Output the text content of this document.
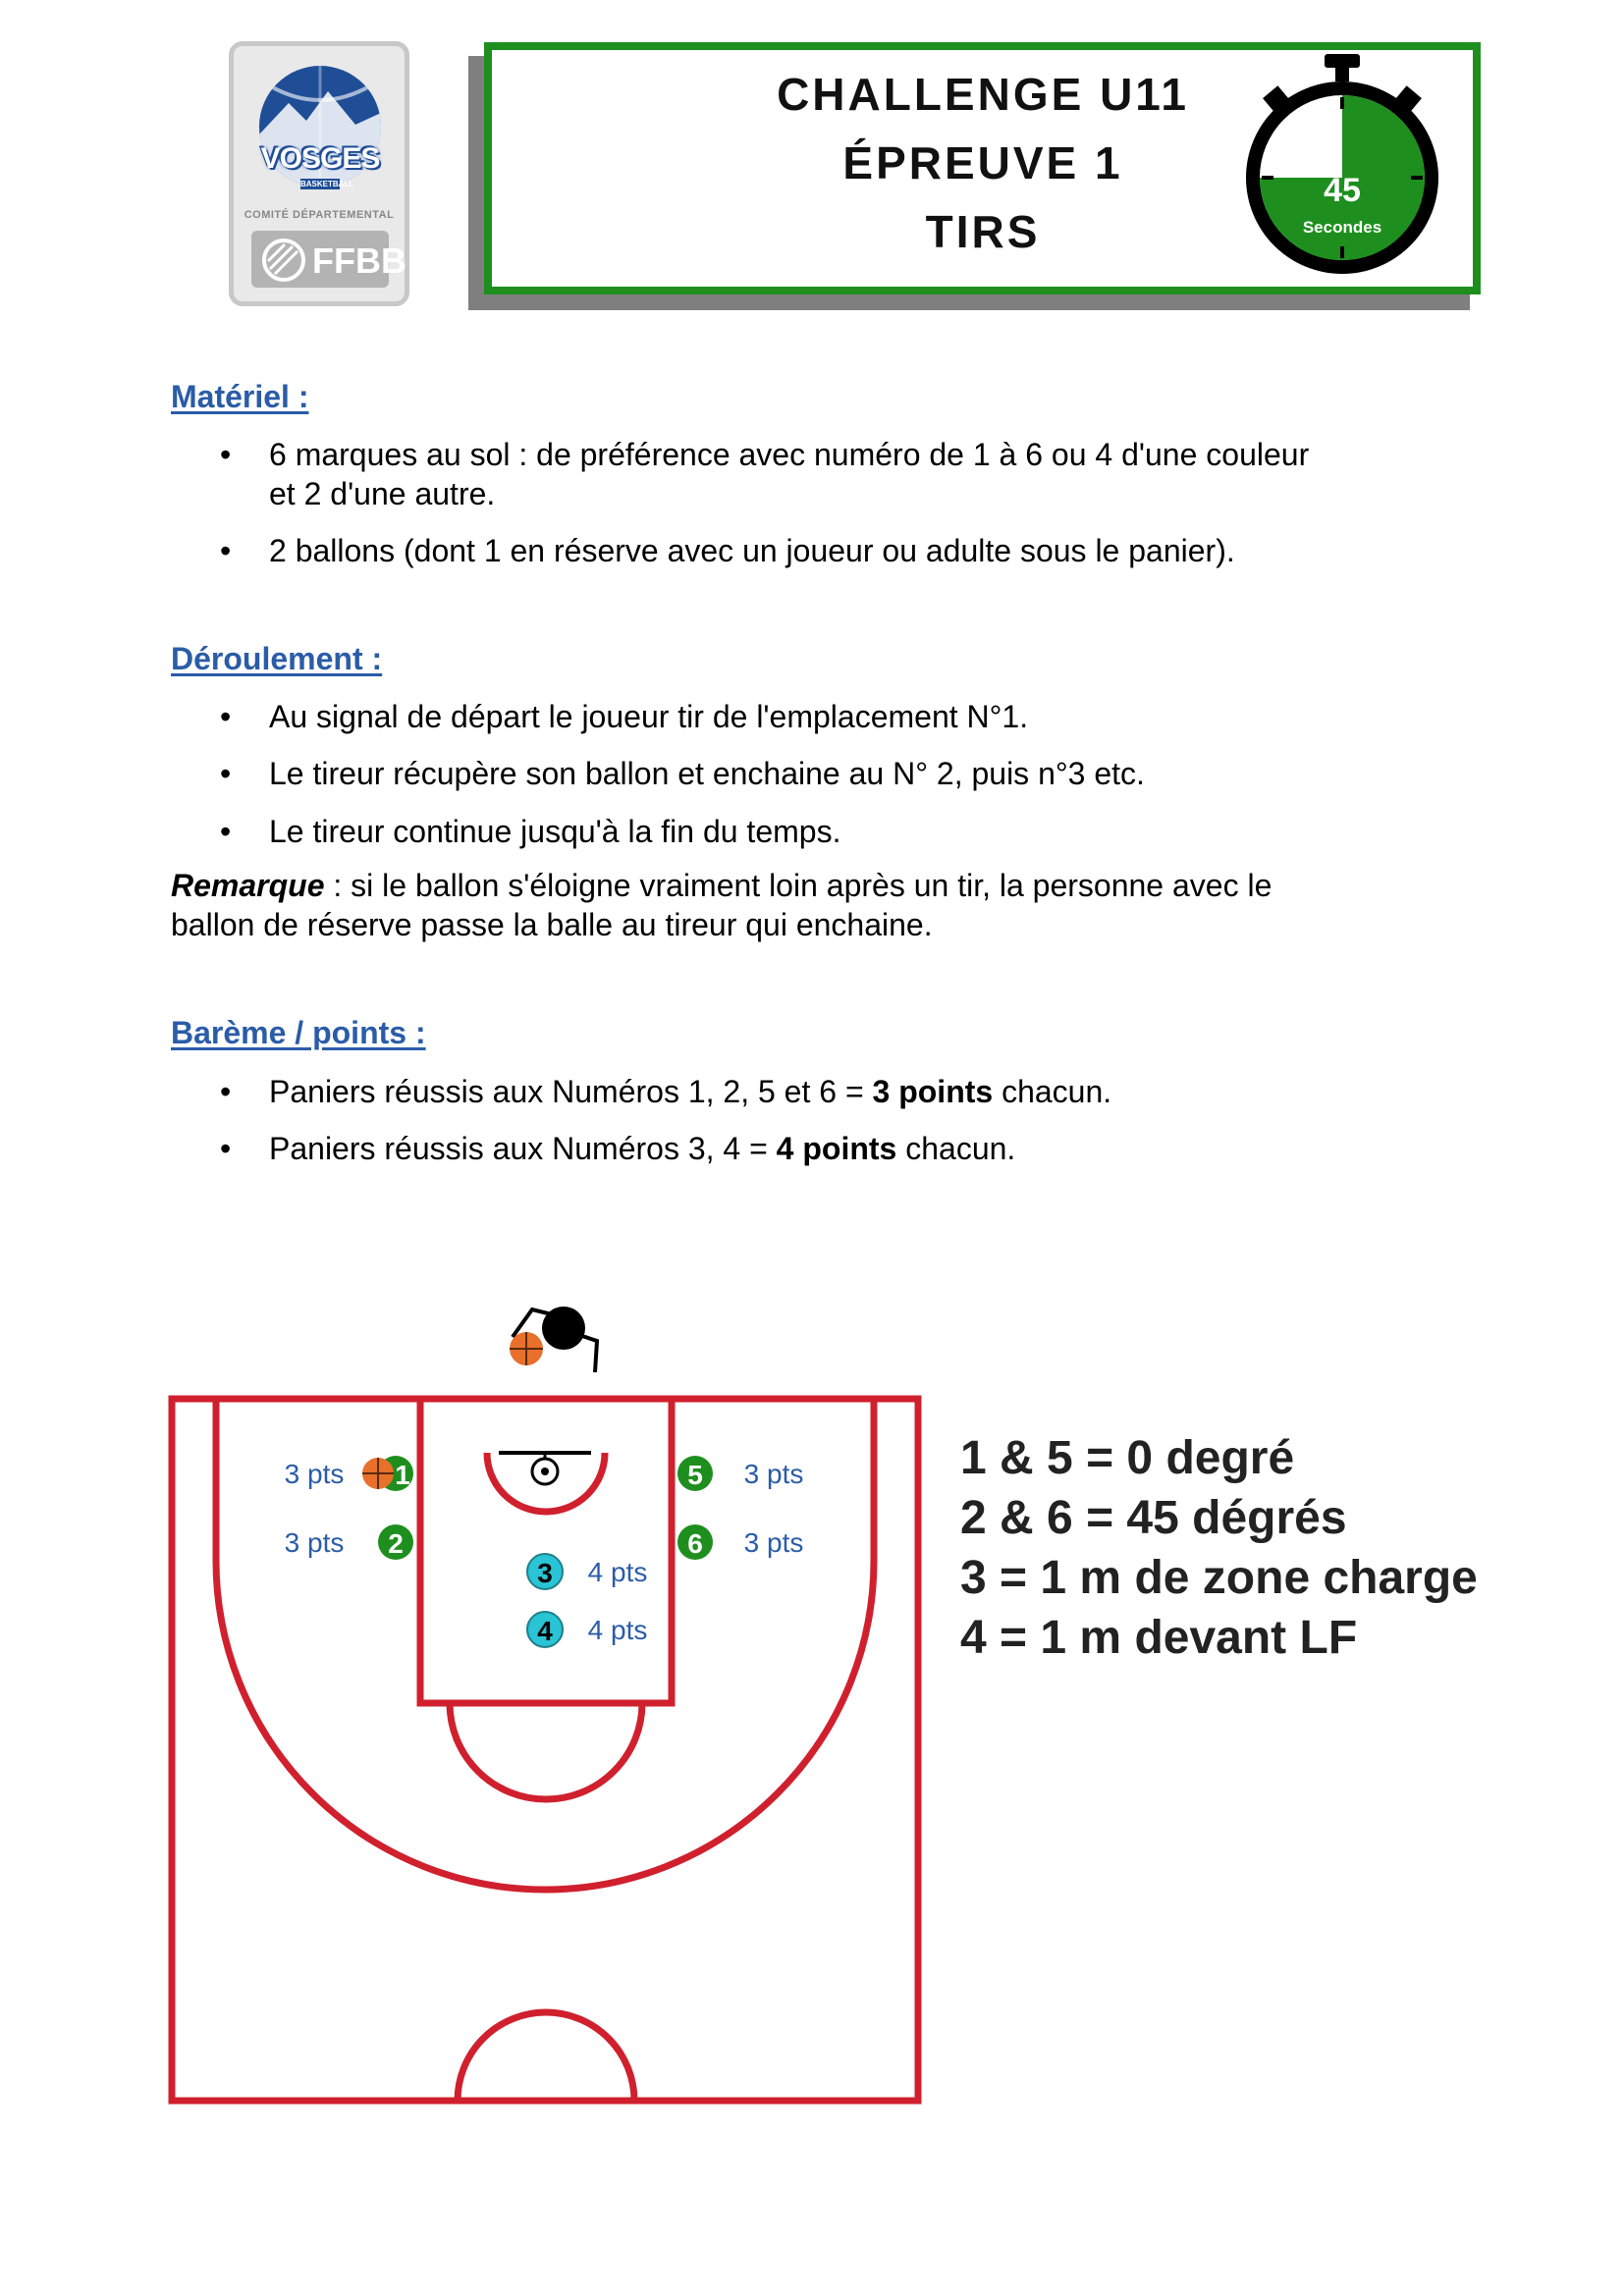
VOSGES
BASKETBALL
COMITÉ DÉPARTEMENTAL
FFBB
CHALLENGE U11
ÉPREUVE 1
TIRS
45
Secondes
Matériel :
• 6 marques au sol : de préférence avec numéro de 1 à 6 ou 4 d'une couleur
et 2 d'une autre.
• 2 ballons (dont 1 en réserve avec un joueur ou adulte sous le panier).
Déroulement :
• Au signal de départ le joueur tir de l'emplacement N°1.
• Le tireur récupère son ballon et enchaine au N° 2, puis n°3 etc.
• Le tireur continue jusqu'à la fin du temps.
Remarque : si le ballon s'éloigne vraiment loin après un tir, la personne avec le
ballon de réserve passe la balle au tireur qui enchaine.
Barème / points :
• Paniers réussis aux Numéros 1, 2, 5 et 6 = 3 points chacun.
• Paniers réussis aux Numéros 3, 4 = 4 points chacun.
1
3 pts
2
3 pts
3 4 pts
4 4 pts
5 3 pts
6 3 pts
1 & 5 = 0 degré
2 & 6 = 45 dégrés
3 = 1 m de zone charge
4 = 1 m devant LF
